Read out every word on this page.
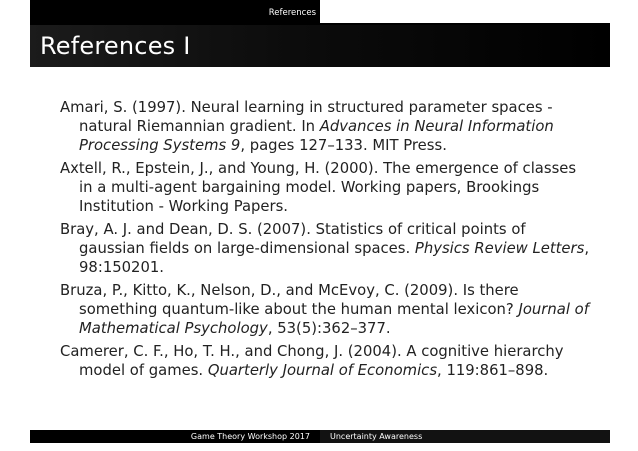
References
References I
Amari, S. (1997). Neural learning in structured parameter spaces -
natural Riemannian gradient. In Advances in Neural Information
Processing Systems 9, pages 127–133. MIT Press.
Axtell, R., Epstein, J., and Young, H. (2000). The emergence of classes
in a multi-agent bargaining model. Working papers, Brookings
Institution - Working Papers.
Bray, A. J. and Dean, D. S. (2007). Statistics of critical points of
gaussian fields on large-dimensional spaces. Physics Review Letters,
98:150201.
Bruza, P., Kitto, K., Nelson, D., and McEvoy, C. (2009). Is there
something quantum-like about the human mental lexicon? Journal of
Mathematical Psychology, 53(5):362–377.
Camerer, C. F., Ho, T. H., and Chong, J. (2004). A cognitive hierarchy
model of games. Quarterly Journal of Economics, 119:861–898.
Game Theory Workshop 2017	Uncertainty Awareness
